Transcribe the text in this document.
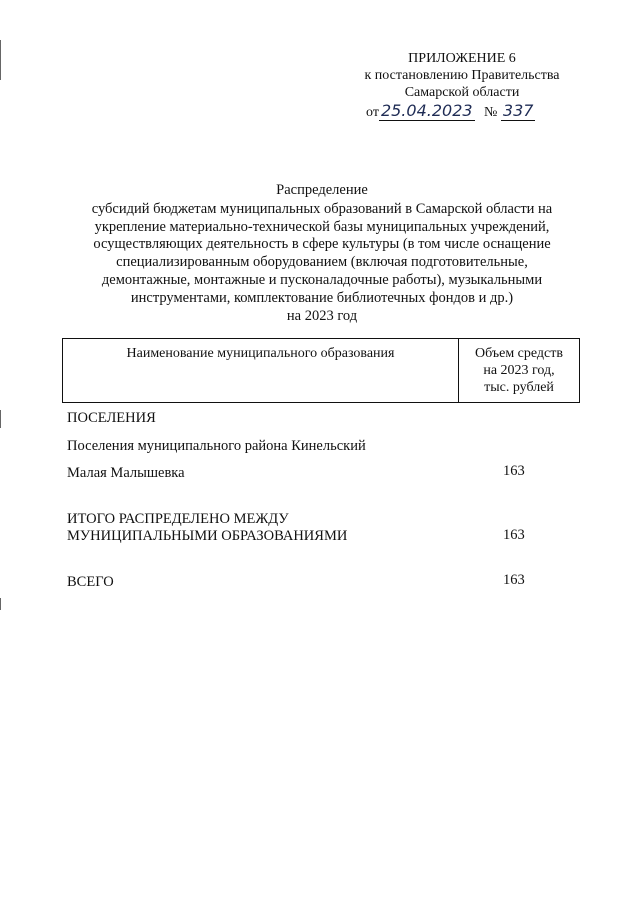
ПРИЛОЖЕНИЕ 6
к постановлению Правительства
Самарской области
от 25.04.2023 № 337
Распределение
субсидий бюджетам муниципальных образований в Самарской области на
укрепление материально-технической базы муниципальных учреждений,
осуществляющих деятельность в сфере культуры (в том числе оснащение
специализированным оборудованием (включая подготовительные,
демонтажные, монтажные и пусконаладочные работы), музыкальными
инструментами, комплектование библиотечных фондов и др.)
на 2023 год
Наименование муниципального образования	Объем средств
на 2023 год,
тыс. рублей
ПОСЕЛЕНИЯ
Поселения муниципального района Кинельский
Малая Малышевка	163
ИТОГО РАСПРЕДЕЛЕНО МЕЖДУ
МУНИЦИПАЛЬНЫМИ ОБРАЗОВАНИЯМИ	163
ВСЕГО	163
